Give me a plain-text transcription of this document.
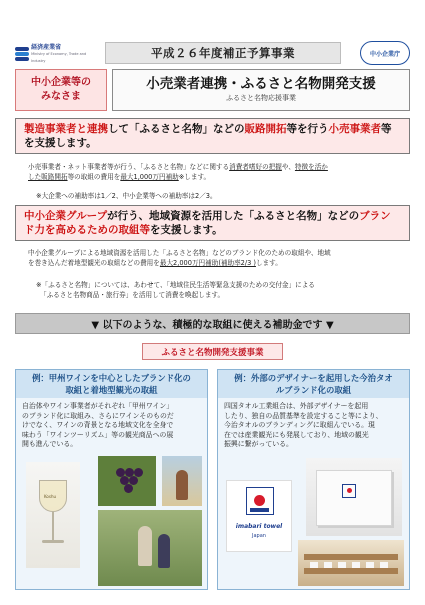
経済産業省
Ministry of Economy, Trade and Industry
平成２６年度補正予算事業	中小企業庁
中小企業等の
みなさま
小売業者連携・ふるさと名物開発支援
ふるさと名物応援事業
製造事業者と連携して「ふるさと名物」などの販路開拓等を行う小売事業者等を支援します。
小売事業者・ネット事業者等が行う、「ふるさと名物」などに関する消費者嗜好の把握や、特徴を活か
した販路開拓等の取組の費用を最大1,000万円補助※します。
※大企業への補助率は1／2、中小企業等への補助率は2／3。
中小企業グループが行う、地域資源を活用した「ふるさと名物」などのブランド力を高めるための取組等を支援します。
中小企業グループによる地域資源を活用した「ふるさと名物」などのブランド化のための取組や、地域
を巻き込んだ着地型観光の取組などの費用を最大2,000万円補助(補助率2/3 )します。
※「ふるさと名物」については、あわせて、「地域住民生活等緊急支援のための交付金」による
「ふるさと名物商品・旅行券」を活用して消費を喚起します。
▼ 以下のような、積極的な取組に使える補助金です ▼
ふるさと名物開発支援事業
例：甲州ワインを中心としたブランド化の
取組と着地型観光の取組
自治体やワイン事業者がそれぞれ「甲州ワイン」
のブランド化に取組み、さらにワインそのものだ
けでなく、ワインの背景となる地域文化を全身で
味わう「ワインツーリズム」等の観光商品への展
開も進んでいる。
Koshu
例：外部のデザイナーを起用した今治タオ
ルブランド化の取組
四国タオル工業組合は、外部デザイナーを起用
したり、独自の品質基準を設定すること等により、
今治タオルのブランディングに取組んでいる。現
在では産業観光にも発展しており、地域の観光
振興に繋がっている。
imabari towel
Japan
